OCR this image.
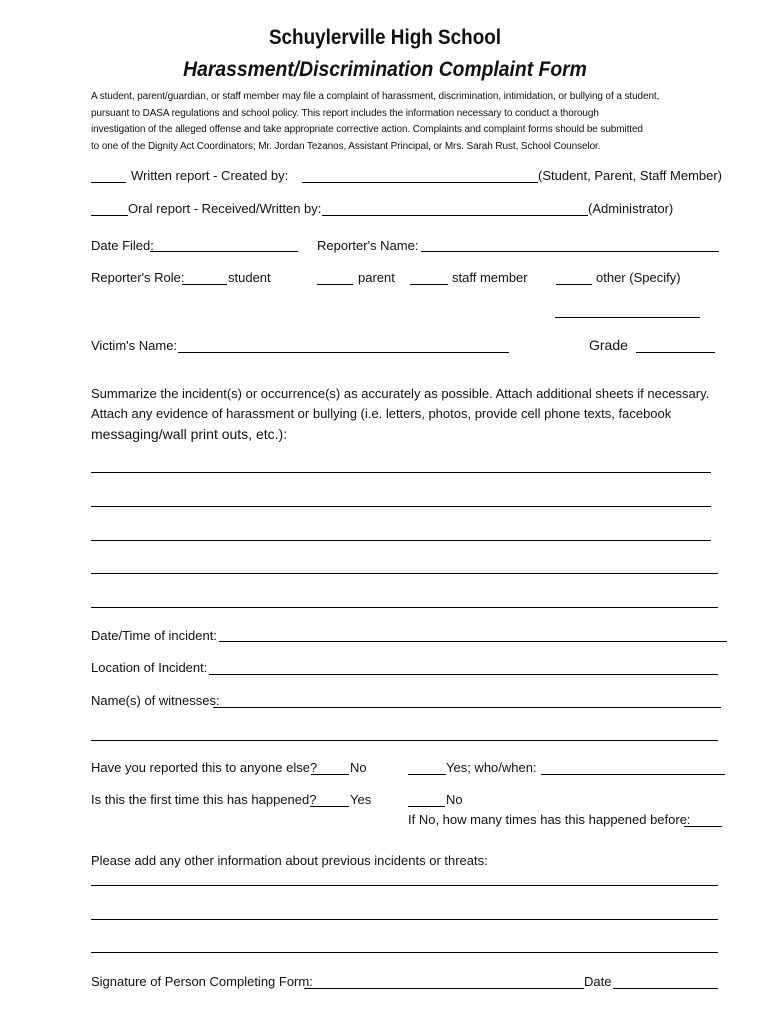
Schuylerville High School
Harassment/Discrimination Complaint Form

A student, parent/guardian, or staff member may file a complaint of harassment, discrimination, intimidation, or bullying of a student,

pursuant to DASA regulations and school policy. This report includes the information necessary to conduct a thorough

investigation of the alleged offense and take appropriate corrective action. Complaints and complaint forms should be submitted

to one of the Dignity Act Coordinators; Mr. Jordan Tezanos, Assistant Principal, or Mrs. Sarah Rust, School Counselor.

Written report - Created by:	(Student, Parent, Staff Member)
Oral report - Received/Written by:	(Administrator)
Date Filed:	Reporter's Name:
Reporter's Role:	student	parent	staff member	other (Specify)
Victim's Name:	Grade

Summarize the incident(s) or occurrence(s) as accurately as possible. Attach additional sheets if necessary.

Attach any evidence of harassment or bullying (i.e. letters, photos, provide cell phone texts, facebook

messaging/wall print outs, etc.):

Date/Time of incident:
Location of Incident:
Name(s) of witnesses:
Have you reported this to anyone else?	No	Yes; who/when:
Is this the first time this has happened?	Yes	No
If No, how many times has this happened before:
Please add any other information about previous incidents or threats:
Signature of Person Completing Form:	Date
